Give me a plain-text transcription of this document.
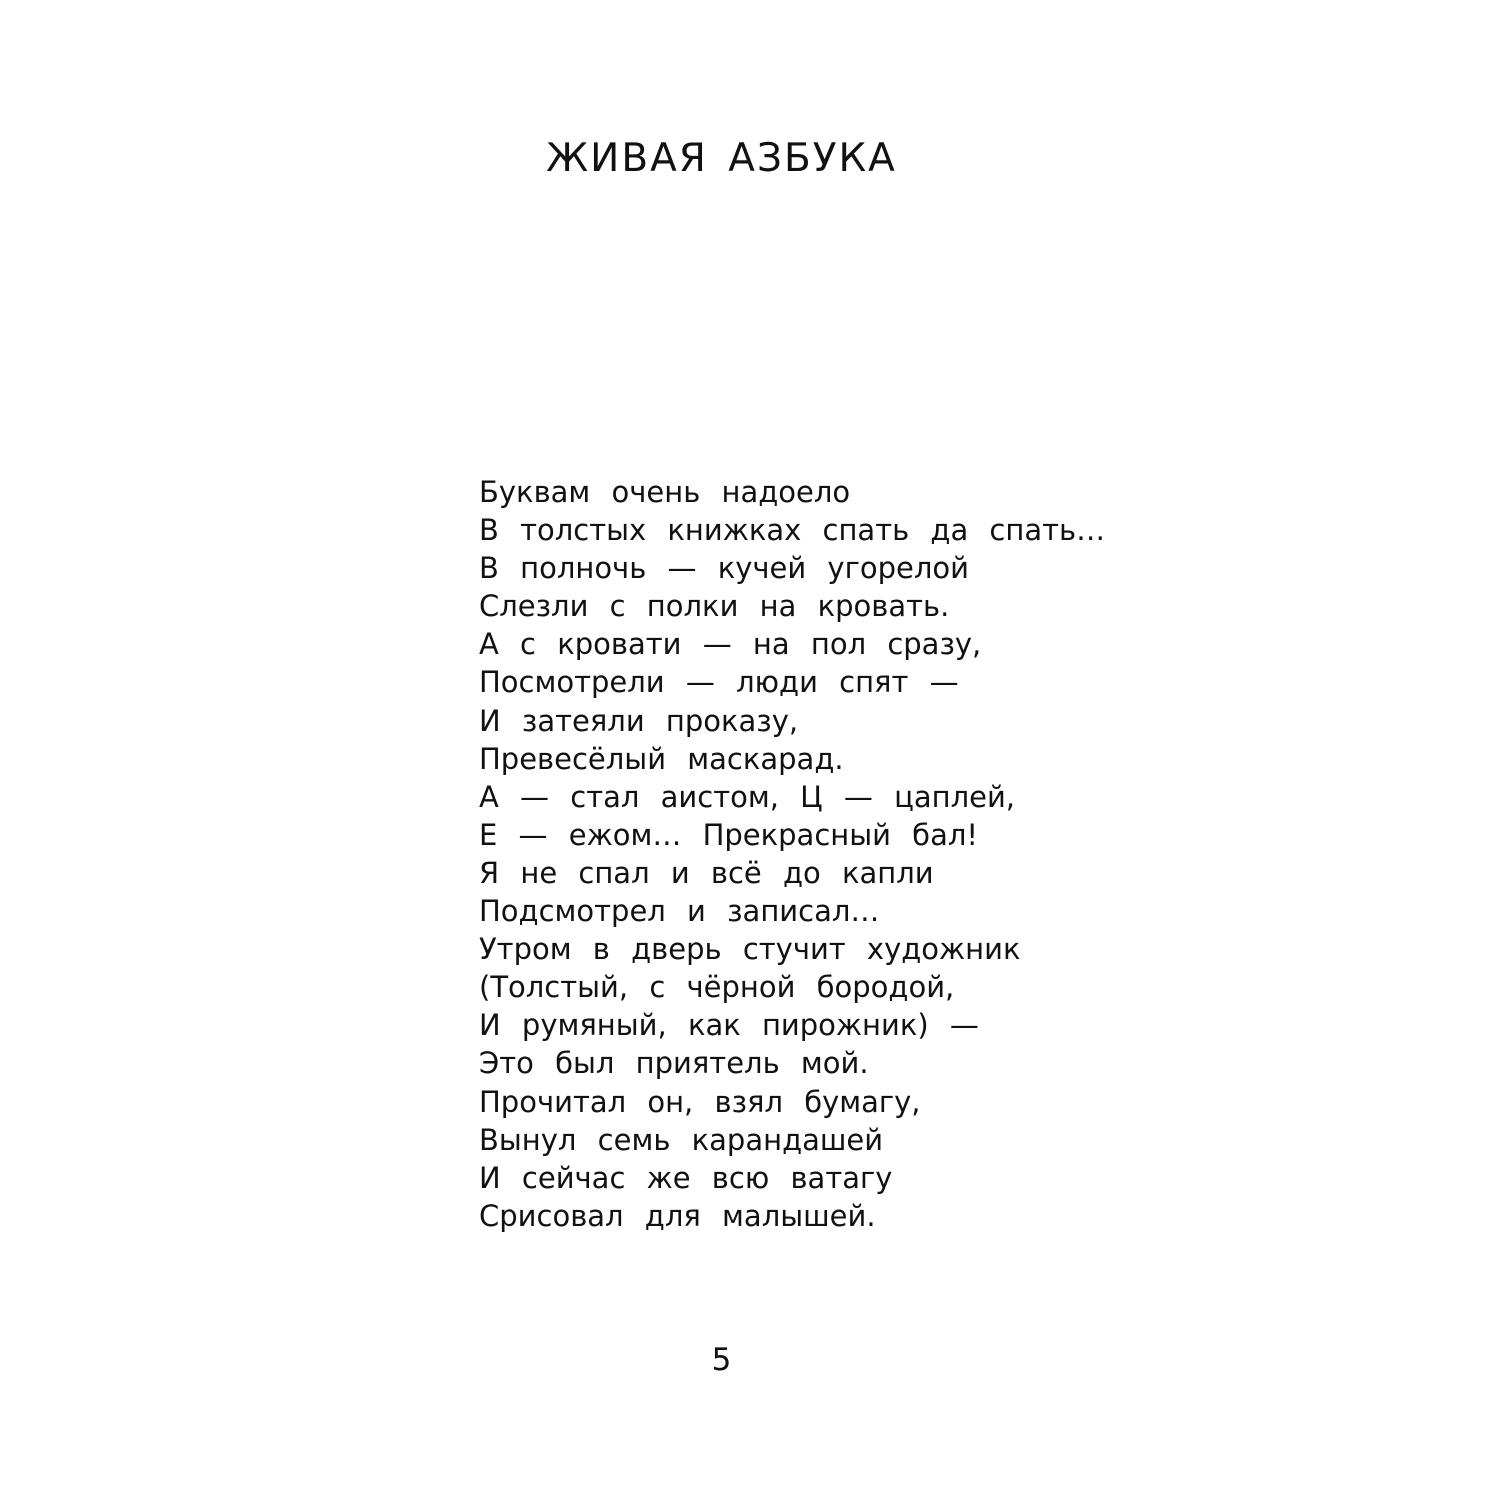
ЖИВАЯ АЗБУКА
Буквам очень надоело
В толстых книжках спать да спать…
В полночь — кучей угорелой
Слезли с полки на кровать.
А с кровати — на пол сразу,
Посмотрели — люди спят —
И затеяли проказу,
Превесёлый маскарад.
А — стал аистом, Ц — цаплей,
Е — ежом… Прекрасный бал!
Я не спал и всё до капли
Подсмотрел и записал…
Утром в дверь стучит художник
(Толстый, с чёрной бородой,
И румяный, как пирожник) —
Это был приятель мой.
Прочитал он, взял бумагу,
Вынул семь карандашей
И сейчас же всю ватагу
Срисовал для малышей.
5
